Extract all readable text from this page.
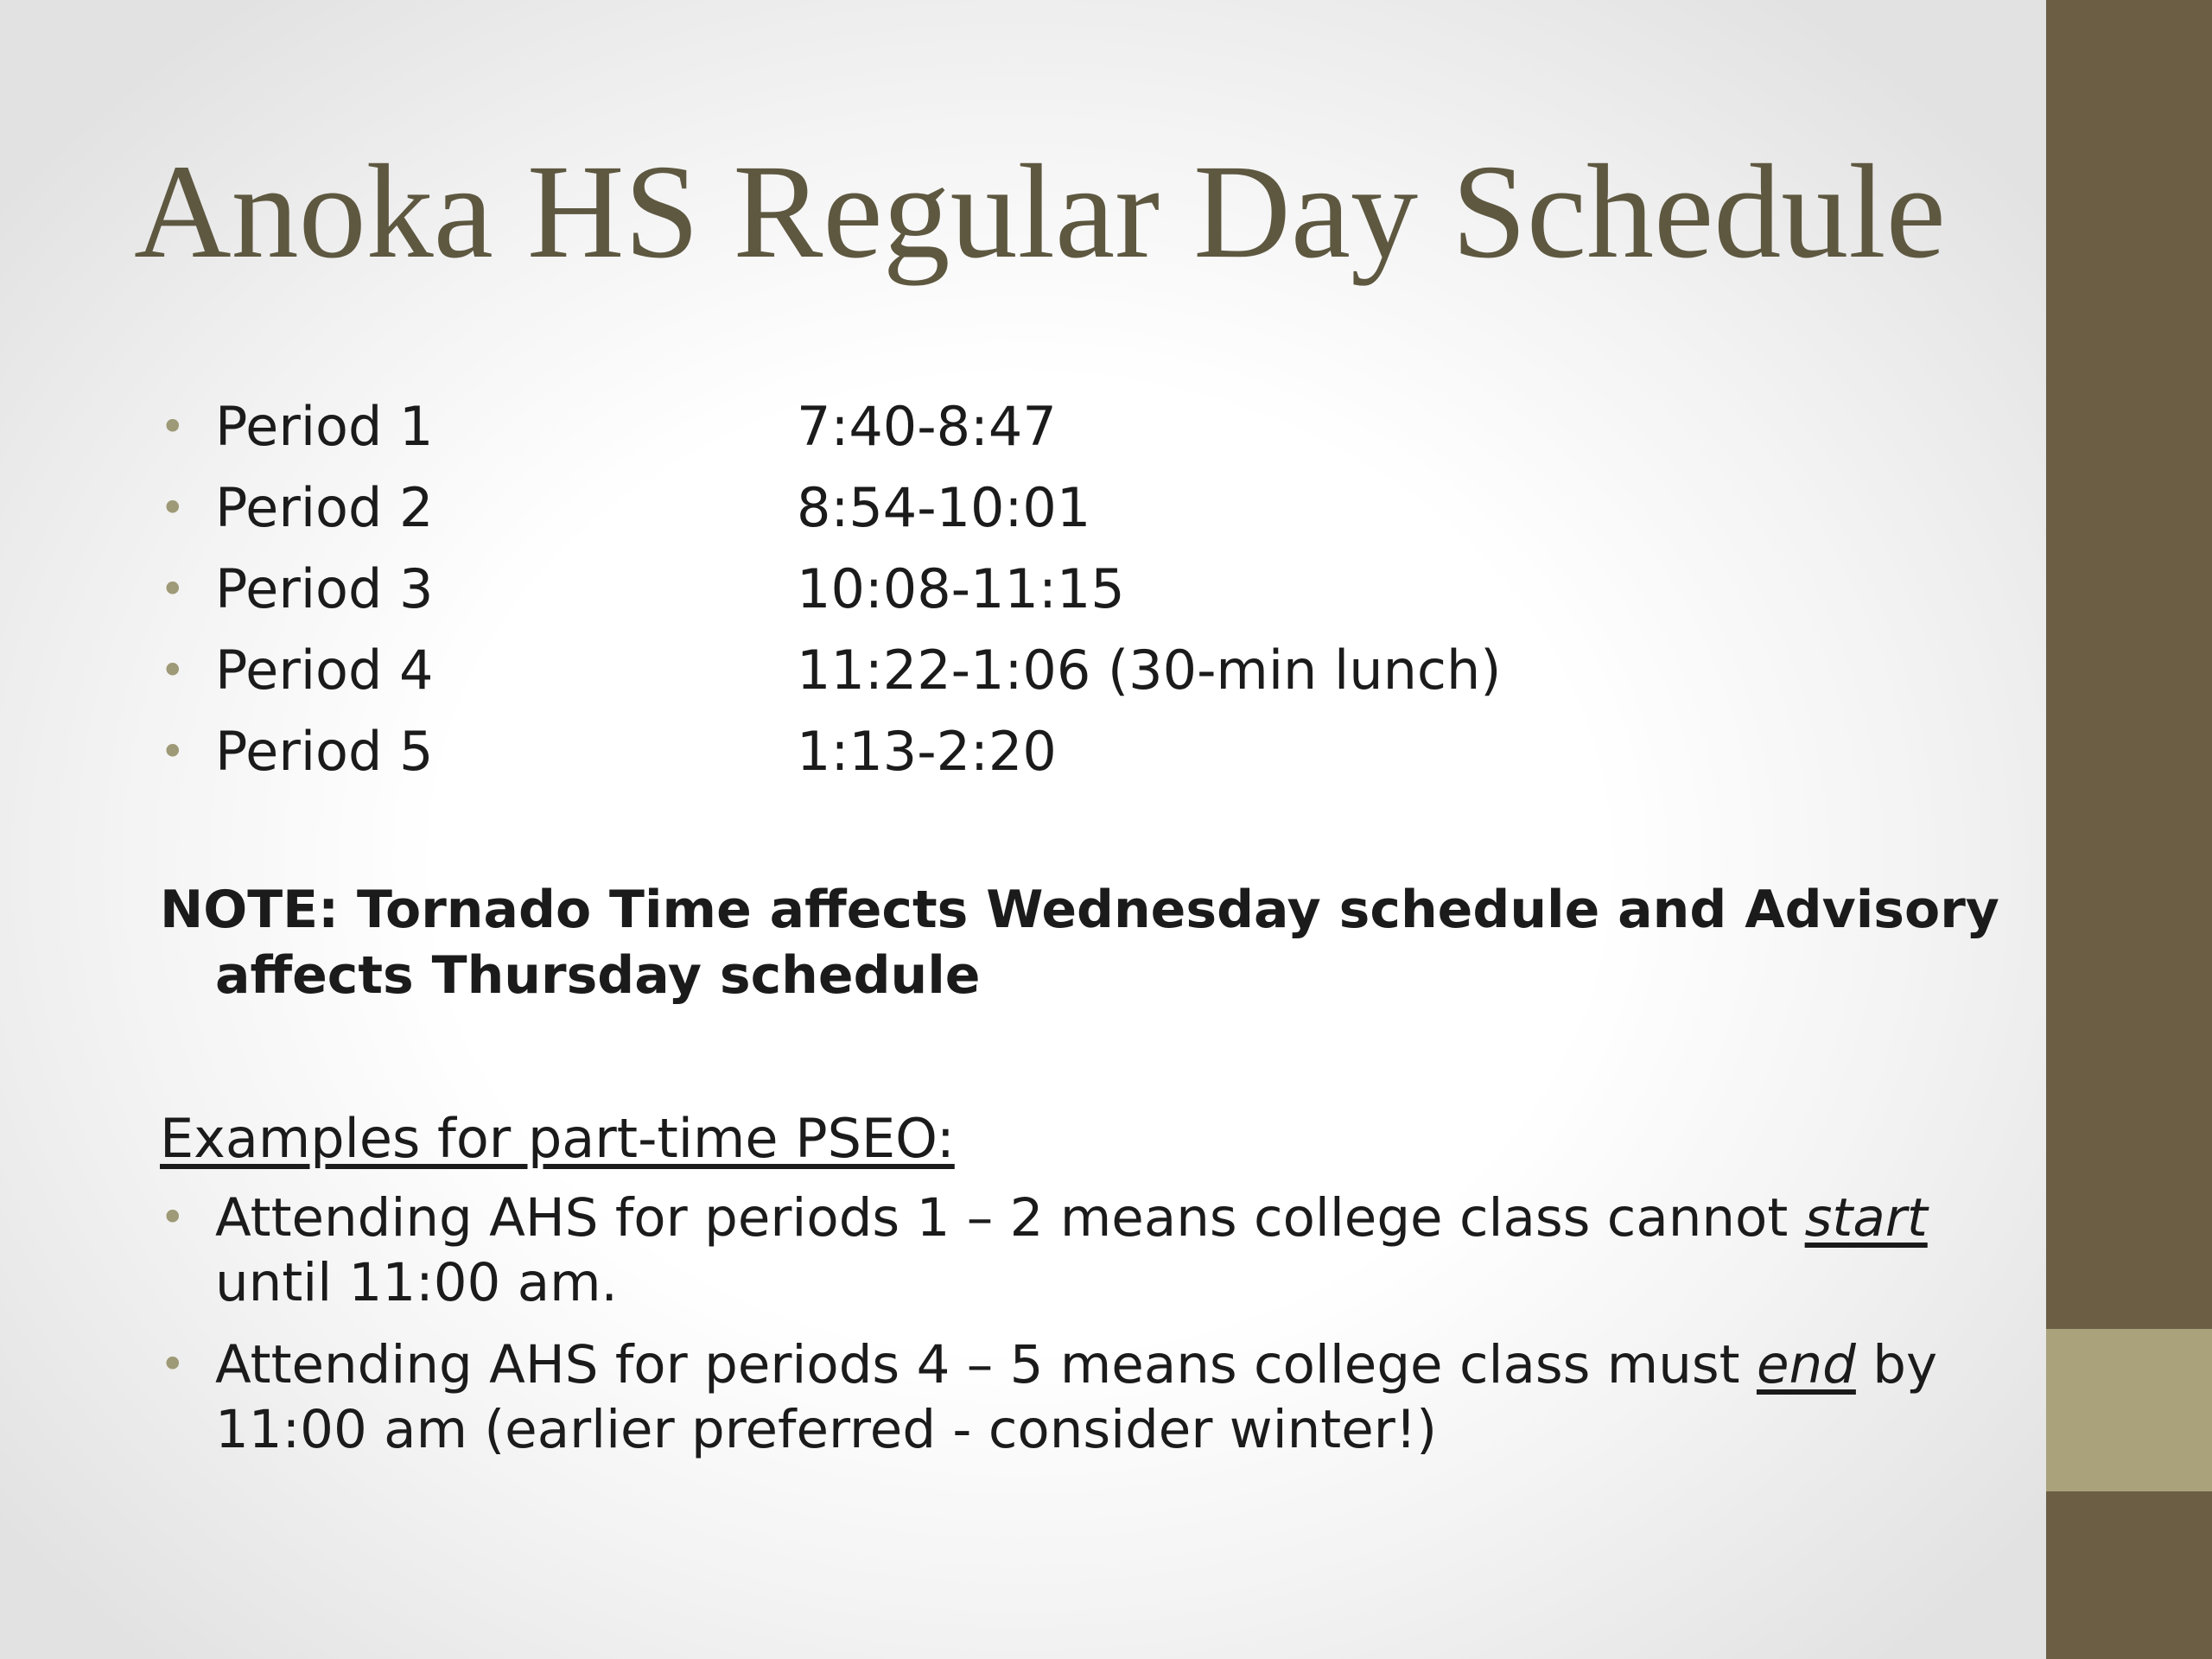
Anoka HS Regular Day Schedule
• Period 1	7:40-8:47
• Period 2	8:54-10:01
• Period 3	10:08-11:15
• Period 4	11:22-1:06 (30-min lunch)
• Period 5	1:13-2:20
NOTE: Tornado Time affects Wednesday schedule and Advisory affects Thursday schedule
Examples for part-time PSEO:
• Attending AHS for periods 1 – 2 means college class cannot start until 11:00 am.
• Attending AHS for periods 4 – 5 means college class must end by 11:00 am (earlier preferred - consider winter!)
